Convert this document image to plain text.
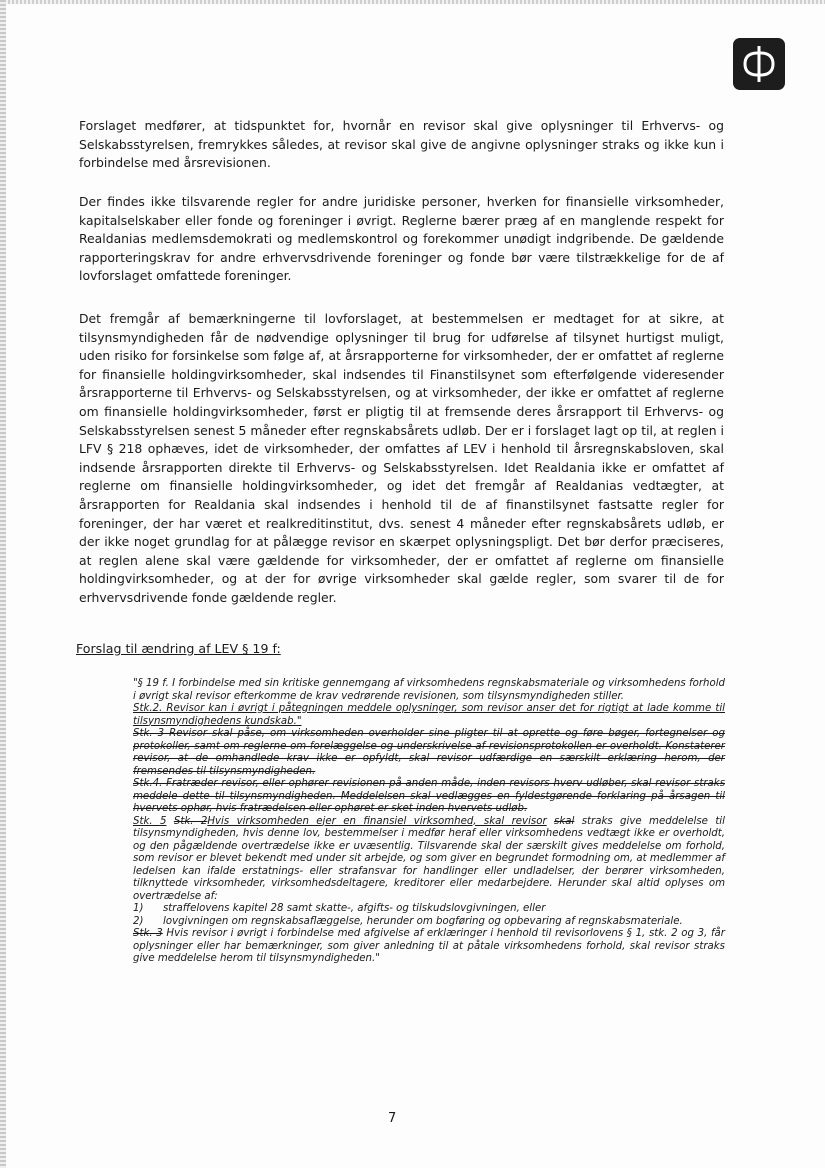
Forslaget medfører, at tidspunktet for, hvornår en revisor skal give oplysninger til Erhvervs- og Selskabsstyrelsen, fremrykkes således, at revisor skal give de angivne oplysninger straks og ikke kun i forbindelse med årsrevisionen.

Der findes ikke tilsvarende regler for andre juridiske personer, hverken for finansielle virksomheder, kapitalselskaber eller fonde og foreninger i øvrigt. Reglerne bærer præg af en manglende respekt for Realdanias medlemsdemokrati og medlemskontrol og forekommer unødigt indgribende. De gældende rapporteringskrav for andre erhvervsdrivende foreninger og fonde bør være tilstrækkelige for de af lovforslaget omfattede foreninger.

Det fremgår af bemærkningerne til lovforslaget, at bestemmelsen er medtaget for at sikre, at tilsynsmyndigheden får de nødvendige oplysninger til brug for udførelse af tilsynet hurtigst muligt, uden risiko for forsinkelse som følge af, at årsrapporterne for virksomheder, der er omfattet af reglerne for finansielle holdingvirksomheder, skal indsendes til Finanstilsynet som efterfølgende videresender årsrapporterne til Erhvervs- og Selskabsstyrelsen, og at virksomheder, der ikke er omfattet af reglerne om finansielle holdingvirksomheder, først er pligtig til at fremsende deres årsrapport til Erhvervs- og Selskabsstyrelsen senest 5 måneder efter regnskabsårets udløb. Der er i forslaget lagt op til, at reglen i LFV § 218 ophæves, idet de virksomheder, der omfattes af LEV i henhold til årsregnskabsloven, skal indsende årsrapporten direkte til Erhvervs- og Selskabsstyrelsen. Idet Realdania ikke er omfattet af reglerne om finansielle holdingvirksomheder, og idet det fremgår af Realdanias vedtægter, at årsrapporten for Realdania skal indsendes i henhold til de af finanstilsynet fastsatte regler for foreninger, der har været et realkreditinstitut, dvs. senest 4 måneder efter regnskabsårets udløb, er der ikke noget grundlag for at pålægge revisor en skærpet oplysningspligt. Det bør derfor præciseres, at reglen alene skal være gældende for virksomheder, der er omfattet af reglerne om finansielle holdingvirksomheder, og at der for øvrige virksomheder skal gælde regler, som svarer til de for erhvervsdrivende fonde gældende regler.

Forslag til ændring af LEV § 19 f:

"§ 19 f. I forbindelse med sin kritiske gennemgang af virksomhedens regnskabsmateriale og virksomhedens forhold i øvrigt skal revisor efterkomme de krav vedrørende revisionen, som tilsynsmyndigheden stiller.

Stk.2. Revisor kan i øvrigt i påtegningen meddele oplysninger, som revisor anser det for rigtigt at lade komme til tilsynsmyndighedens kundskab."

Stk. 3 Revisor skal påse, om virksomheden overholder sine pligter til at oprette og føre bøger, fortegnelser og protokoller, samt om reglerne om forelæggelse og underskrivelse af revisionsprotokollen er overholdt. Konstaterer revisor, at de omhandlede krav ikke er opfyldt, skal revisor udfærdige en særskilt erklæring herom, der fremsendes til tilsynsmyndigheden.

Stk.4. Fratræder revisor, eller ophører revisionen på anden måde, inden revisors hverv udløber, skal revisor straks meddele dette til tilsynsmyndigheden. Meddelelsen skal vedlægges en fyldestgørende forklaring på årsagen til hvervets ophør, hvis fratrædelsen eller ophøret er sket inden hvervets udløb.

Stk. 5 Stk. 2Hvis virksomheden ejer en finansiel virksomhed, skal revisor skal straks give meddelelse til tilsynsmyndigheden, hvis denne lov, bestemmelser i medfør heraf eller virksomhedens vedtægt ikke er overholdt, og den pågældende overtrædelse ikke er uvæsentlig. Tilsvarende skal der særskilt gives meddelelse om forhold, som revisor er blevet bekendt med under sit arbejde, og som giver en begrundet formodning om, at medlemmer af ledelsen kan ifalde erstatnings- eller strafansvar for handlinger eller undladelser, der berører virksomheden, tilknyttede virksomheder, virksomhedsdeltagere, kreditorer eller medarbejdere. Herunder skal altid oplyses om overtrædelse af:

1)	straffelovens kapitel 28 samt skatte-, afgifts- og tilskudslovgivningen, eller
2)	lovgivningen om regnskabsaflæggelse, herunder om bogføring og opbevaring af regnskabsmateriale.

Stk. 3 Hvis revisor i øvrigt i forbindelse med afgivelse af erklæringer i henhold til revisorlovens § 1, stk. 2 og 3, får oplysninger eller har bemærkninger, som giver anledning til at påtale virksomhedens forhold, skal revisor straks give meddelelse herom til tilsynsmyndigheden."

7
